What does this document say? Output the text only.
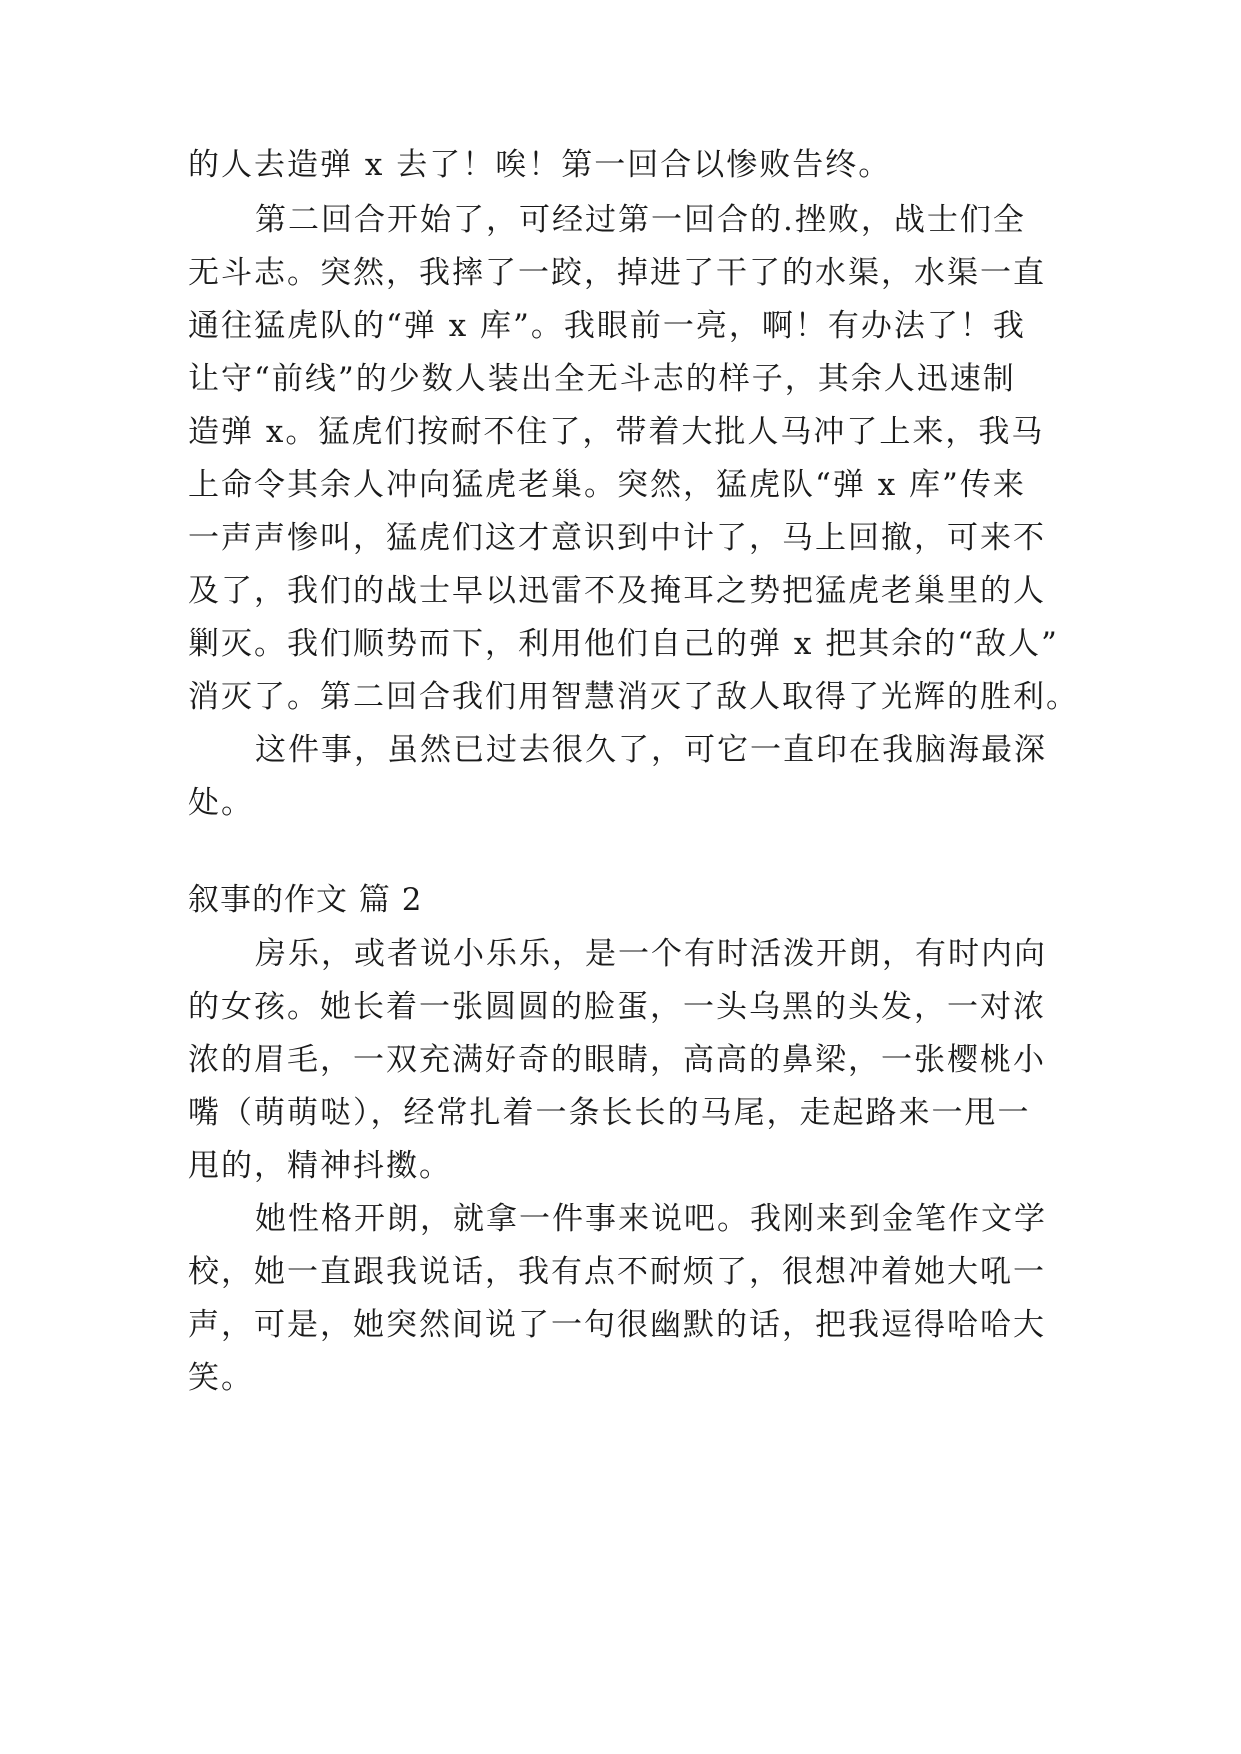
的人去造弹 x 去了！唉！第一回合以惨败告终。
第二回合开始了，可经过第一回合的.挫败，战士们全
无斗志。突然，我摔了一跤，掉进了干了的水渠，水渠一直
通往猛虎队的“弹 x 库”。我眼前一亮，啊！有办法了！我
让守“前线”的少数人装出全无斗志的样子，其余人迅速制
造弹 x。猛虎们按耐不住了，带着大批人马冲了上来，我马
上命令其余人冲向猛虎老巢。突然，猛虎队“弹 x 库”传来
一声声惨叫，猛虎们这才意识到中计了，马上回撤，可来不
及了，我们的战士早以迅雷不及掩耳之势把猛虎老巢里的人
剿灭。我们顺势而下，利用他们自己的弹 x 把其余的“敌人”
消灭了。第二回合我们用智慧消灭了敌人取得了光辉的胜利。
这件事，虽然已过去很久了，可它一直印在我脑海最深
处。
叙事的作文 篇 2
房乐，或者说小乐乐，是一个有时活泼开朗，有时内向
的女孩。她长着一张圆圆的脸蛋，一头乌黑的头发，一对浓
浓的眉毛，一双充满好奇的眼睛，高高的鼻梁，一张樱桃小
嘴（萌萌哒），经常扎着一条长长的马尾，走起路来一甩一
甩的，精神抖擞。
她性格开朗，就拿一件事来说吧。我刚来到金笔作文学
校，她一直跟我说话，我有点不耐烦了，很想冲着她大吼一
声，可是，她突然间说了一句很幽默的话，把我逗得哈哈大
笑。
